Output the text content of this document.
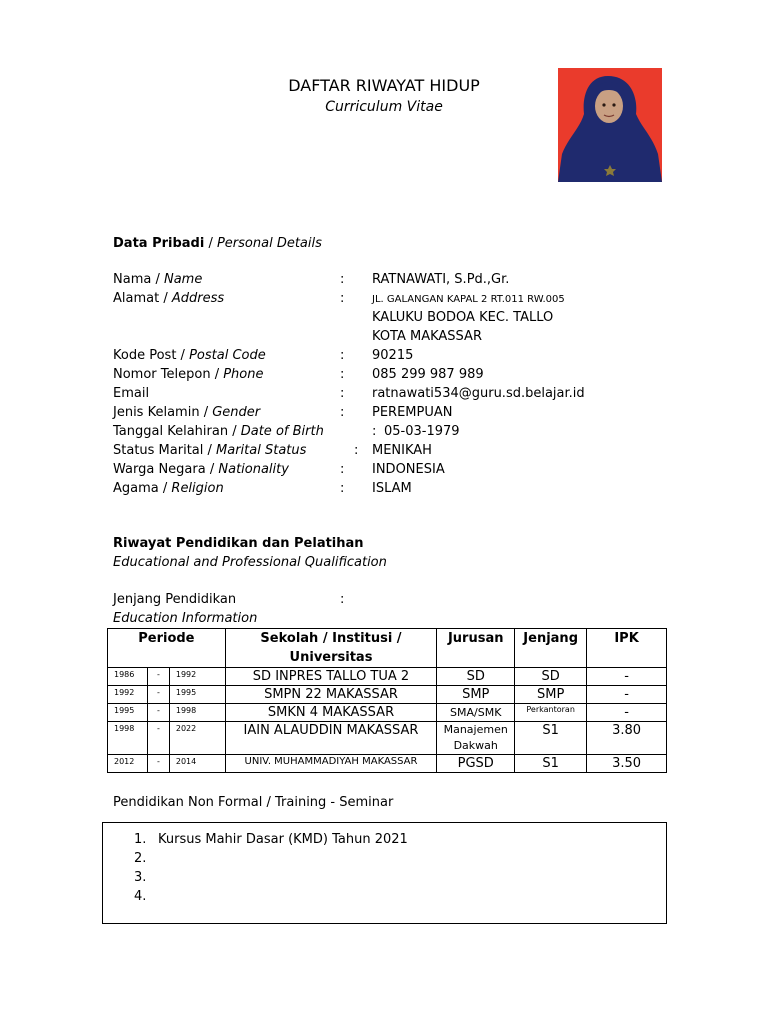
DAFTAR RIWAYAT HIDUP
Curriculum Vitae
Data Pribadi / Personal Details
Nama / Name	: RATNAWATI, S.Pd.,Gr.
Alamat / Address	:	JL. GALANGAN KAPAL 2 RT.011 RW.005
KALUKU BODOA KEC. TALLO
KOTA MAKASSAR
Kode Post / Postal Code	: 90215
Nomor Telepon / Phone	: 085 299 987 989
Email	: ratnawati534@guru.sd.belajar.id
Jenis Kelamin / Gender	: PEREMPUAN
Tanggal Kelahiran / Date of Birth	: 05-03-1979
Status Marital / Marital Status	: MENIKAH
Warga Negara / Nationality	: INDONESIA
Agama / Religion	: ISLAM
Riwayat Pendidikan dan Pelatihan
Educational and Professional Qualification
Jenjang Pendidikan	:
Education Information
Periode			Sekolah / Institusi / Universitas	Jurusan	Jenjang	IPK
1986	-	1992	SD INPRES TALLO TUA 2	SD	SD	-
1992	-	1995	SMPN 22 MAKASSAR	SMP	SMP	-
1995	-	1998	SMKN 4 MAKASSAR	SMA/SMK	Perkantoran	-
1998	-	2022	IAIN ALAUDDIN MAKASSAR	Manajemen Dakwah	S1	3.80
2012	-	2014	UNIV. MUHAMMADIYAH MAKASSAR	PGSD	S1	3.50
Pendidikan Non Formal / Training - Seminar
1. Kursus Mahir Dasar (KMD) Tahun 2021
2.
3.
4.
